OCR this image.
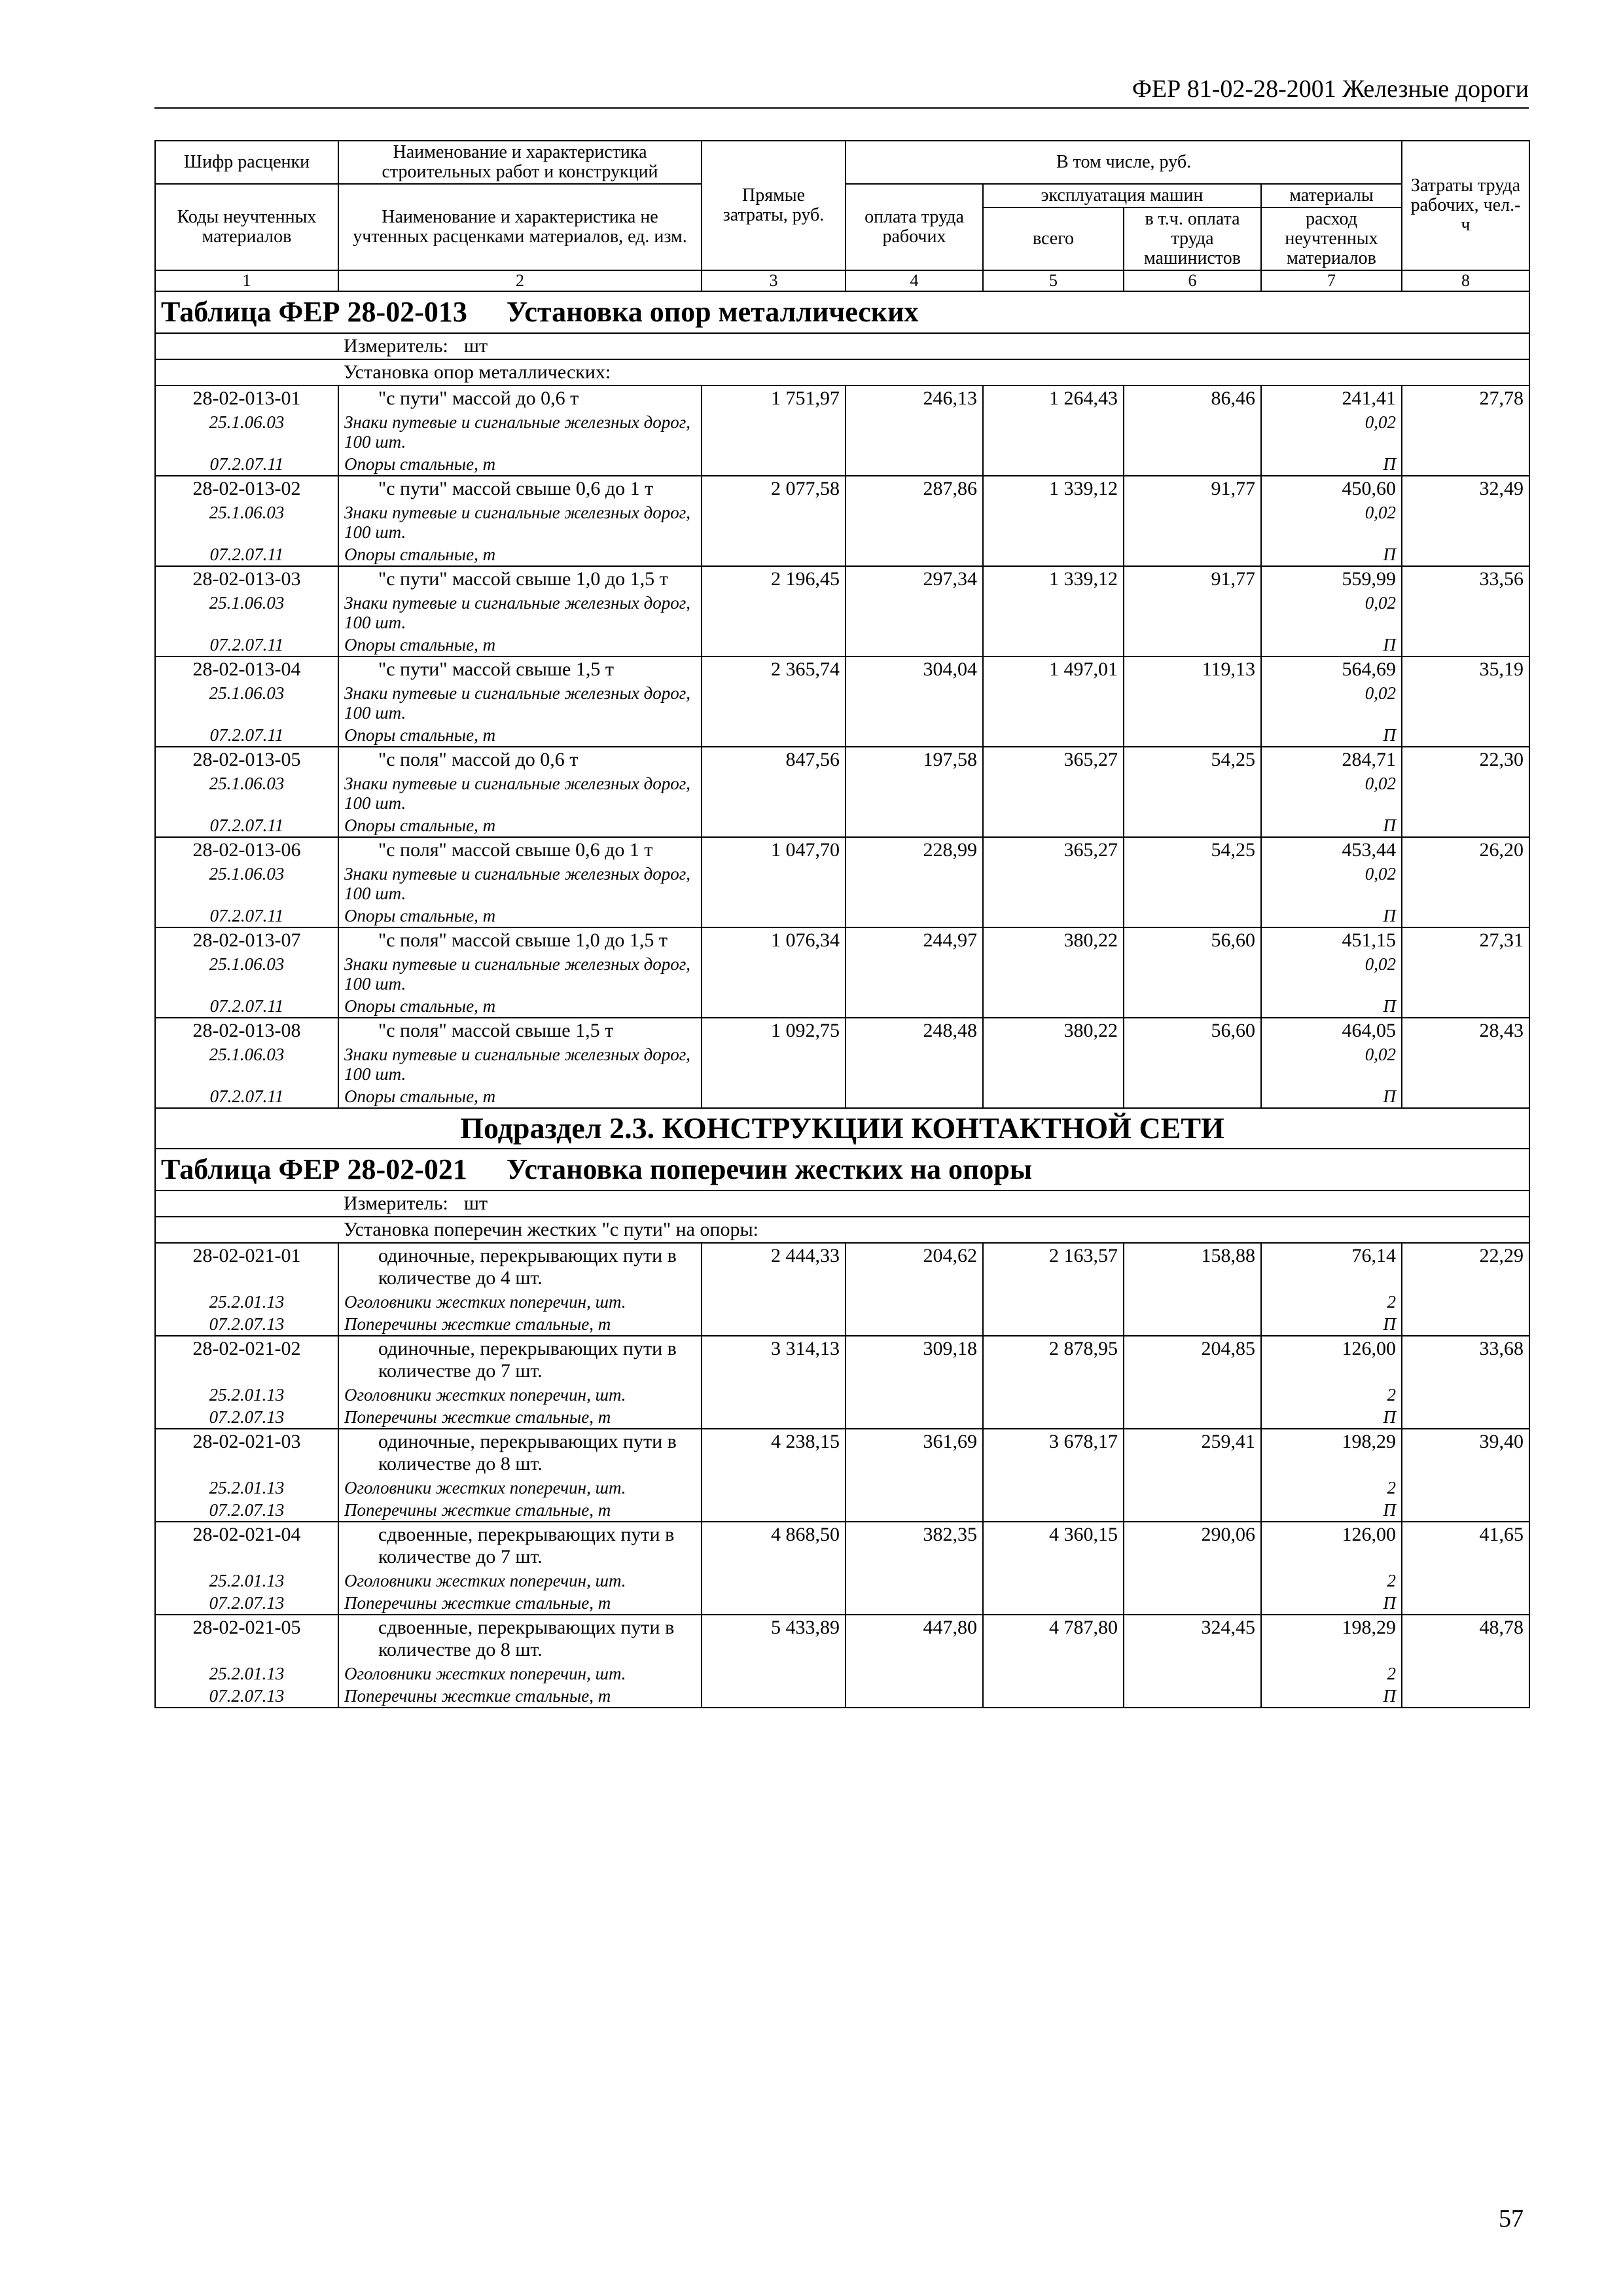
ФЕР 81-02-28-2001 Железные дороги
Шифр расценки	Наименование и характеристика строительных работ и конструкций	Прямые затраты, руб.	В том числе, руб.				Затраты труда рабочих, чел.-ч
Коды неучтенных материалов	Наименование и характеристика не учтенных расценками материалов, ед. изм.		оплата труда рабочих	эксплуатация машин		материалы	
				всего	в т.ч. оплата труда машинистов	расход неучтенных материалов	
1	2	3	4	5	6	7	8
Таблица ФЕР 28-02-013 Установка опор металлических							
	Измеритель: шт						
	Установка опор металлических:						
28-02-013-01	"с пути" массой до 0,6 т	1 751,97	246,13	1 264,43	86,46	241,41	27,78
25.1.06.03	Знаки путевые и сигнальные железных дорог, 100 шт.					0,02	
07.2.07.11	Опоры стальные, т					П	
28-02-013-02	"с пути" массой свыше 0,6 до 1 т	2 077,58	287,86	1 339,12	91,77	450,60	32,49
25.1.06.03	Знаки путевые и сигнальные железных дорог, 100 шт.					0,02	
07.2.07.11	Опоры стальные, т					П	
28-02-013-03	"с пути" массой свыше 1,0 до 1,5 т	2 196,45	297,34	1 339,12	91,77	559,99	33,56
25.1.06.03	Знаки путевые и сигнальные железных дорог, 100 шт.					0,02	
07.2.07.11	Опоры стальные, т					П	
28-02-013-04	"с пути" массой свыше 1,5 т	2 365,74	304,04	1 497,01	119,13	564,69	35,19
25.1.06.03	Знаки путевые и сигнальные железных дорог, 100 шт.					0,02	
07.2.07.11	Опоры стальные, т					П	
28-02-013-05	"с поля" массой до 0,6 т	847,56	197,58	365,27	54,25	284,71	22,30
25.1.06.03	Знаки путевые и сигнальные железных дорог, 100 шт.					0,02	
07.2.07.11	Опоры стальные, т					П	
28-02-013-06	"с поля" массой свыше 0,6 до 1 т	1 047,70	228,99	365,27	54,25	453,44	26,20
25.1.06.03	Знаки путевые и сигнальные железных дорог, 100 шт.					0,02	
07.2.07.11	Опоры стальные, т					П	
28-02-013-07	"с поля" массой свыше 1,0 до 1,5 т	1 076,34	244,97	380,22	56,60	451,15	27,31
25.1.06.03	Знаки путевые и сигнальные железных дорог, 100 шт.					0,02	
07.2.07.11	Опоры стальные, т					П	
28-02-013-08	"с поля" массой свыше 1,5 т	1 092,75	248,48	380,22	56,60	464,05	28,43
25.1.06.03	Знаки путевые и сигнальные железных дорог, 100 шт.					0,02	
07.2.07.11	Опоры стальные, т					П	
Подраздел 2.3. КОНСТРУКЦИИ КОНТАКТНОЙ СЕТИ							
Таблица ФЕР 28-02-021 Установка поперечин жестких на опоры							
	Измеритель: шт						
	Установка поперечин жестких "с пути" на опоры:						
28-02-021-01	одиночные, перекрывающих пути в количестве до 4 шт.	2 444,33	204,62	2 163,57	158,88	76,14	22,29
25.2.01.13	Оголовники жестких поперечин, шт.					2	
07.2.07.13	Поперечины жесткие стальные, т					П	
28-02-021-02	одиночные, перекрывающих пути в количестве до 7 шт.	3 314,13	309,18	2 878,95	204,85	126,00	33,68
25.2.01.13	Оголовники жестких поперечин, шт.					2	
07.2.07.13	Поперечины жесткие стальные, т					П	
28-02-021-03	одиночные, перекрывающих пути в количестве до 8 шт.	4 238,15	361,69	3 678,17	259,41	198,29	39,40
25.2.01.13	Оголовники жестких поперечин, шт.					2	
07.2.07.13	Поперечины жесткие стальные, т					П	
28-02-021-04	сдвоенные, перекрывающих пути в количестве до 7 шт.	4 868,50	382,35	4 360,15	290,06	126,00	41,65
25.2.01.13	Оголовники жестких поперечин, шт.					2	
07.2.07.13	Поперечины жесткие стальные, т					П	
28-02-021-05	сдвоенные, перекрывающих пути в количестве до 8 шт.	5 433,89	447,80	4 787,80	324,45	198,29	48,78
25.2.01.13	Оголовники жестких поперечин, шт.					2	
07.2.07.13	Поперечины жесткие стальные, т					П	
57
